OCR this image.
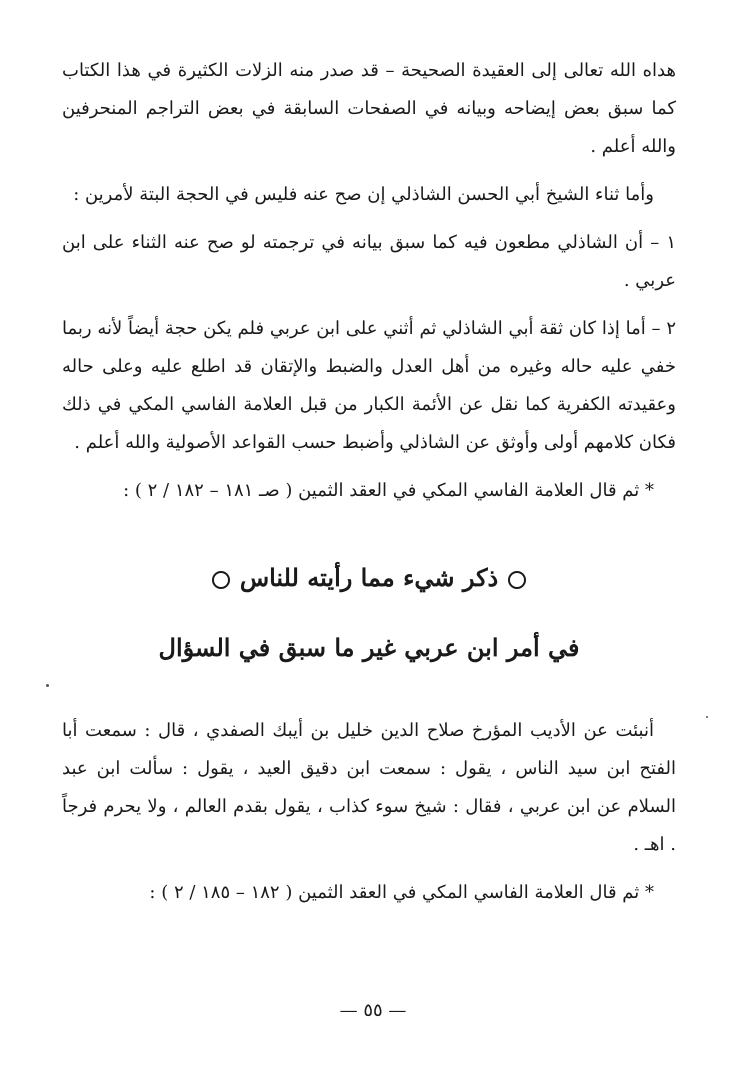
هداه الله تعالى إلى العقيدة الصحيحة – قد صدر منه الزلات الكثيرة في هذا الكتاب كما سبق بعض إيضاحه وبيانه في الصفحات السابقة في بعض التراجم المنحرفين والله أعلم .

وأما ثناء الشيخ أبي الحسن الشاذلي إن صح عنه فليس في الحجة البتة لأمرين :

١ – أن الشاذلي مطعون فيه كما سبق بيانه في ترجمته لو صح عنه الثناء على ابن عربي .

٢ – أما إذا كان ثقة أبي الشاذلي ثم أثني على ابن عربي فلم يكن حجة أيضاً لأنه ربما خفي عليه حاله وغيره من أهل العدل والضبط والإتقان قد اطلع عليه وعلى حاله وعقيدته الكفرية كما نقل عن الأئمة الكبار من قبل العلامة الفاسي المكي في ذلك فكان كلامهم أولى وأوثق عن الشاذلي وأضبط حسب القواعد الأصولية والله أعلم .

* ثم قال العلامة الفاسي المكي في العقد الثمين ( صـ ١٨١ – ١٨٢ / ٢ ) :

ذكر شيء مما رأيته للناس

في أمر ابن عربي غير ما سبق في السؤال

أنبئت عن الأديب المؤرخ صلاح الدين خليل بن أيبك الصفدي ، قال : سمعت أبا الفتح ابن سيد الناس ، يقول : سمعت ابن دقيق العيد ، يقول : سألت ابن عبد السلام عن ابن عربي ، فقال : شيخ سوء كذاب ، يقول بقدم العالم ، ولا يحرم فرجاً . اهـ .

* ثم قال العلامة الفاسي المكي في العقد الثمين ( ١٨٢ – ١٨٥ / ٢ ) :

— ٥٥ —
